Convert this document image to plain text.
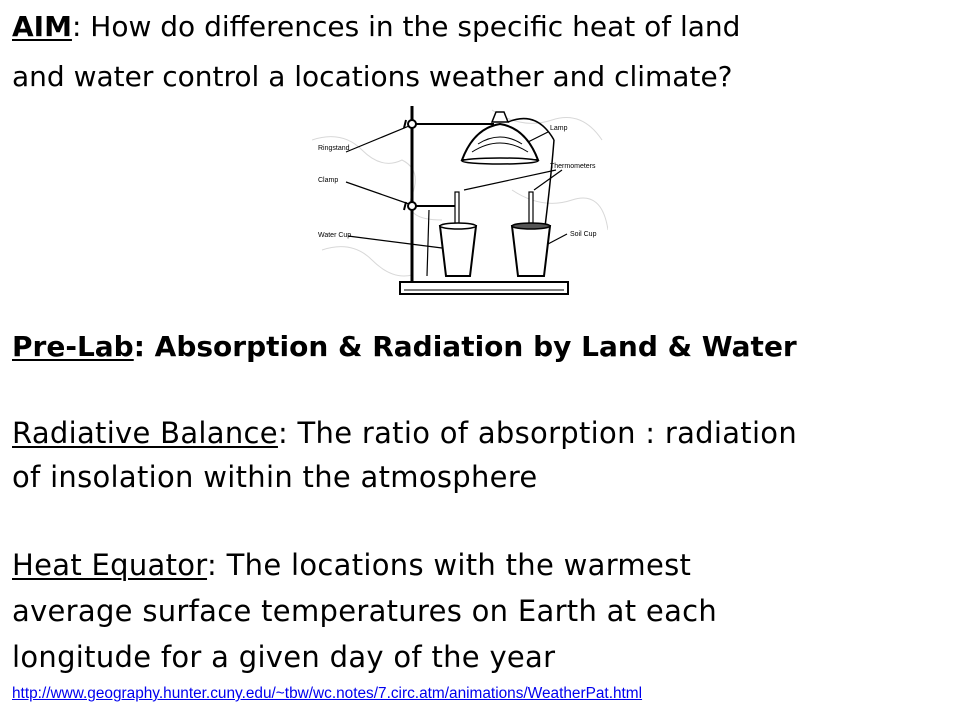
AIM: How do differences in the specific heat of land

and water control a locations weather and climate?

Ringstand
Clamp
Water Cup
Lamp
Thermometers
Soil Cup

Pre-Lab: Absorption & Radiation by Land & Water

Radiative Balance: The ratio of absorption : radiation

of insolation within the atmosphere

Heat Equator: The locations with the warmest

average surface temperatures on Earth at each

longitude for a given day of the year

http://www.geography.hunter.cuny.edu/~tbw/wc.notes/7.circ.atm/animations/WeatherPat.html
